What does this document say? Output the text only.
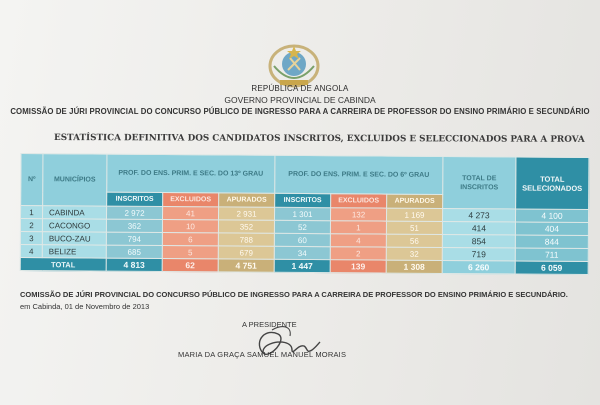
REPÚBLICA DE ANGOLA
GOVERNO PROVINCIAL DE CABINDA
COMISSÃO DE JÚRI PROVINCIAL DO CONCURSO PÚBLICO DE INGRESSO PARA A CARREIRA DE PROFESSOR DO ENSINO PRIMÁRIO E SECUNDÁRIO
ESTATÍSTICA DEFINITIVA DOS CANDIDATOS INSCRITOS, EXCLUIDOS E SELECCIONADOS PARA A PROVA
Nº	MUNICÍPIOS	PROF. DO ENS. PRIM. E SEC. DO 13º GRAU			PROF. DO ENS. PRIM. E SEC. DO 6º GRAU			TOTAL DE INSCRITOS	TOTAL SELECIONADOS
		INSCRITOS	EXCLUIDOS	APURADOS	INSCRITOS	EXCLUIDOS	APURADOS		
1	CABINDA	2 972	41	2 931	1 301	132	1 169	4 273	4 100
2	CACONGO	362	10	352	52	1	51	414	404
3	BUCO-ZAU	794	6	788	60	4	56	854	844
4	BELIZE	685	5	679	34	2	32	719	711
TOTAL		4 813	62	4 751	1 447	139	1 308	6 260	6 059
COMISSÃO DE JÚRI PROVINCIAL DO CONCURSO PÚBLICO DE INGRESSO PARA A CARREIRA DE PROFESSOR DO ENSINO PRIMÁRIO E SECUNDÁRIO.
em Cabinda, 01 de Novembro de 2013
A PRESIDENTE
MARIA DA GRAÇA SAMUEL MANUEL MORAIS
